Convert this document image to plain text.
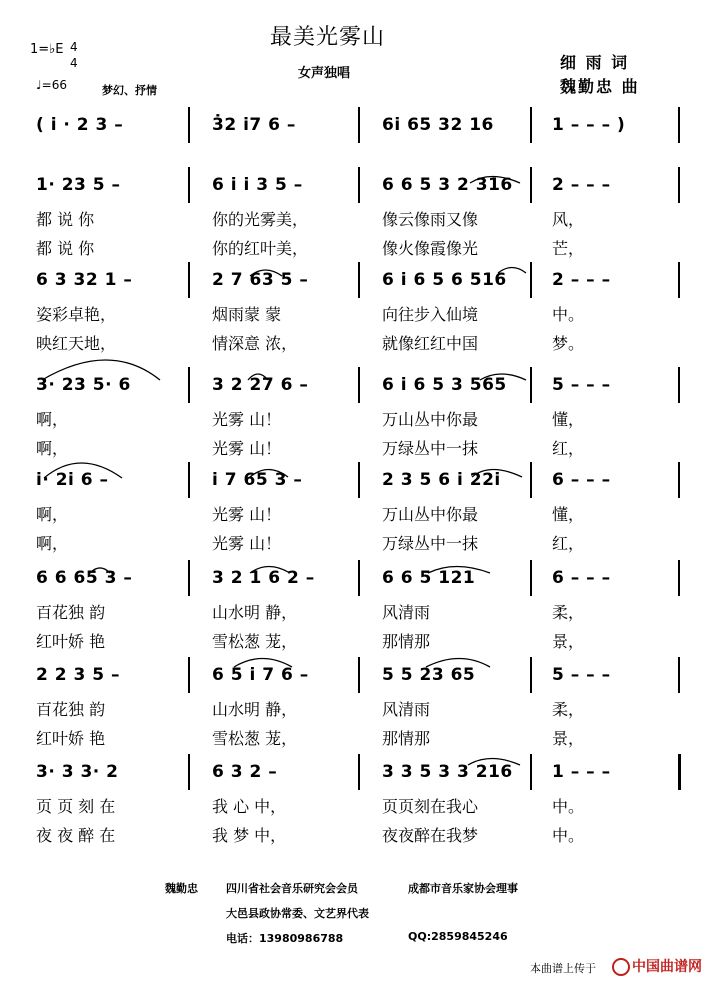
最美光雾山
女声独唱
细 雨 词
魏勤忠 曲
1=♭E 4
4
♩=66	梦幻、抒情
( i · 2 3 –	3̇2 i7 6 –	6i 65 32 16	1 – – – )
1· 23 5 –	6 i i 3 5 –	6 6 5 3 2 316 2 – – –
都 说 你	你的光雾美，	像云像雨又像	风，
都 说 你	你的红叶美，	像火像霞像光	芒，
6 3 32 1 –	2 7 63 5 –	6 i 6 5 6 516	2 – – –
姿彩卓艳，	烟雨蒙 蒙	向往步入仙境	中。
映红天地，	情深意 浓，	就像红红中国	梦。
3· 23 5· 6	3 2 27 6 –	6 i 6 5 3 565	5 – – –
啊，	光雾 山！	万山丛中你最	懂，
啊，	光雾 山！	万绿丛中一抹	红，
i· 2i 6 –	i 7 65 3 –	2 3 5 6 i 22i	6 – – –
啊，	光雾 山！	万山丛中你最	懂，
啊，	光雾 山！	万绿丛中一抹	红，
6 6 65 3 –	3 2 1 6 2 –	6 6 5 121	6 – – –
百花独 韵	山水明 静，	风清雨	柔，
红叶娇 艳	雪松葱 茏，	那情那	景，
2 2 3 5 –	6 5 i 7 6 –	5 5 23 65	5 – – –
百花独 韵	山水明 静，	风清雨	柔，
红叶娇 艳	雪松葱 茏，	那情那	景，
3· 3 3· 2	6 3 2 –	3 3 5 3 3 216 1 – – –
页 页 刻 在	我 心 中，	页页刻在我心	中。
夜 夜 醉 在	我 梦 中，	夜夜醉在我梦	中。
魏勤忠	四川省社会音乐研究会会员	成都市音乐家协会理事
大邑县政协常委、文艺界代表
电话：13980986788	QQ:2859845246
本曲谱上传于	中国曲谱网
